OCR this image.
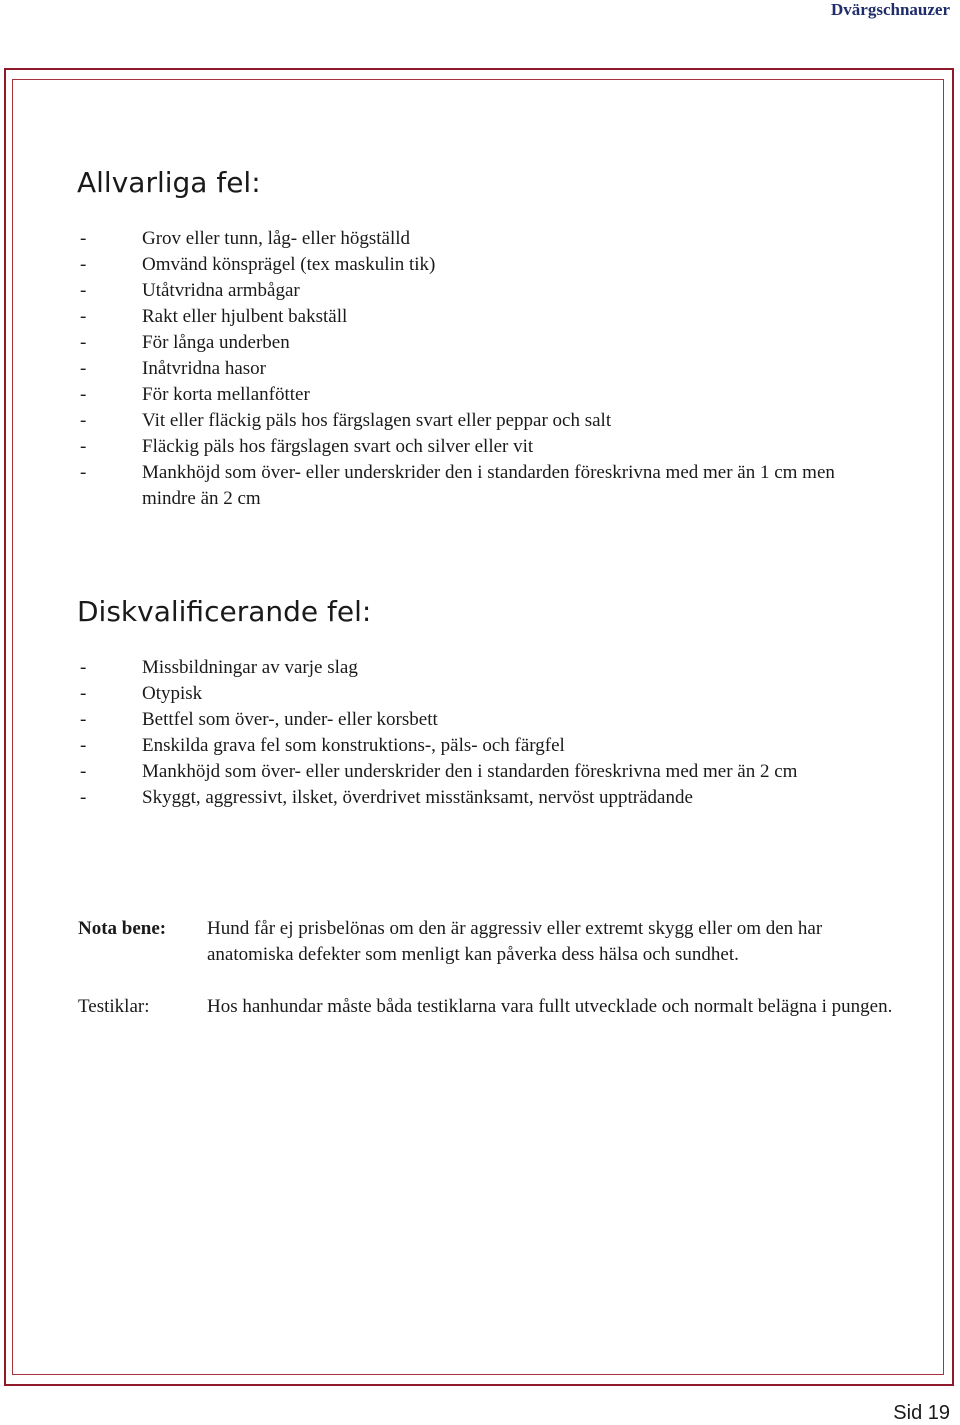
Dvärgschnauzer
Allvarliga fel:
-	Grov eller tunn, låg- eller högställd
-	Omvänd könsprägel (tex maskulin tik)
-	Utåtvridna armbågar
-	Rakt eller hjulbent bakställ
-	För långa underben
-	Inåtvridna hasor
-	För korta mellanfötter
-	Vit eller fläckig päls hos färgslagen svart eller peppar och salt
-	Fläckig päls hos färgslagen svart och silver eller vit
-	Mankhöjd som över- eller underskrider den i standarden föreskrivna med mer än 1 cm men mindre än 2 cm
Diskvalificerande fel:
-	Missbildningar av varje slag
-	Otypisk
-	Bettfel som över-, under- eller korsbett
-	Enskilda grava fel som konstruktions-, päls- och färgfel
-	Mankhöjd som över- eller underskrider den i standarden föreskrivna med mer än 2 cm
-	Skyggt, aggressivt, ilsket, överdrivet misstänksamt, nervöst uppträdande
Nota bene: Hund får ej prisbelönas om den är aggressiv eller extremt skygg eller om den har anatomiska defekter som menligt kan påverka dess hälsa och sundhet.
Testiklar:	Hos hanhundar måste båda testiklarna vara fullt utvecklade och normalt belägna i pungen.
Sid 19
